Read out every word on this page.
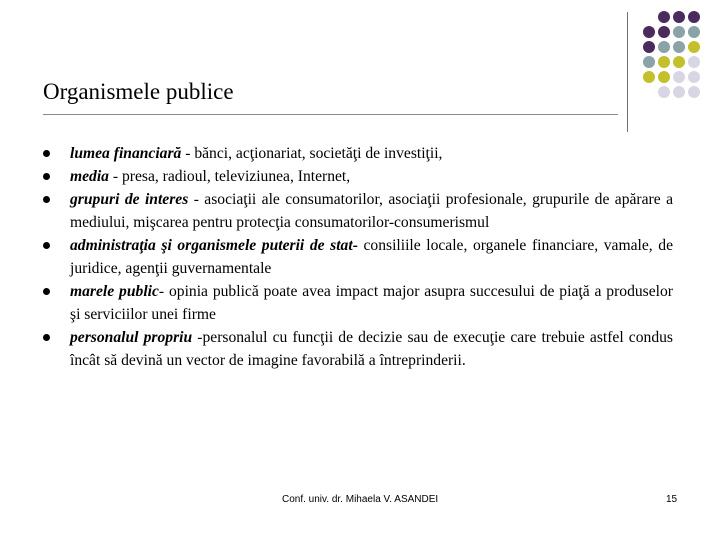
Organismele publice
lumea financiară - bănci, acţionariat, societăţi de investiţii,
media - presa, radioul, televiziunea, Internet,
grupuri de interes - asociaţii ale consumatorilor, asociaţii profesionale, grupurile de apărare a mediului, mişcarea pentru protecţia consumatorilor-consumerismul
administraţia şi organismele puterii de stat- consiliile locale, organele financiare, vamale, de juridice, agenţii guvernamentale
marele public- opinia publică poate avea impact major asupra succesului de piaţă a produselor şi serviciilor unei firme
personalul propriu -personalul cu funcţii de decizie sau de execuţie care trebuie astfel condus încât să devină un vector de imagine favorabilă a întreprinderii.
Conf. univ. dr. Mihaela V. ASANDEI	15
